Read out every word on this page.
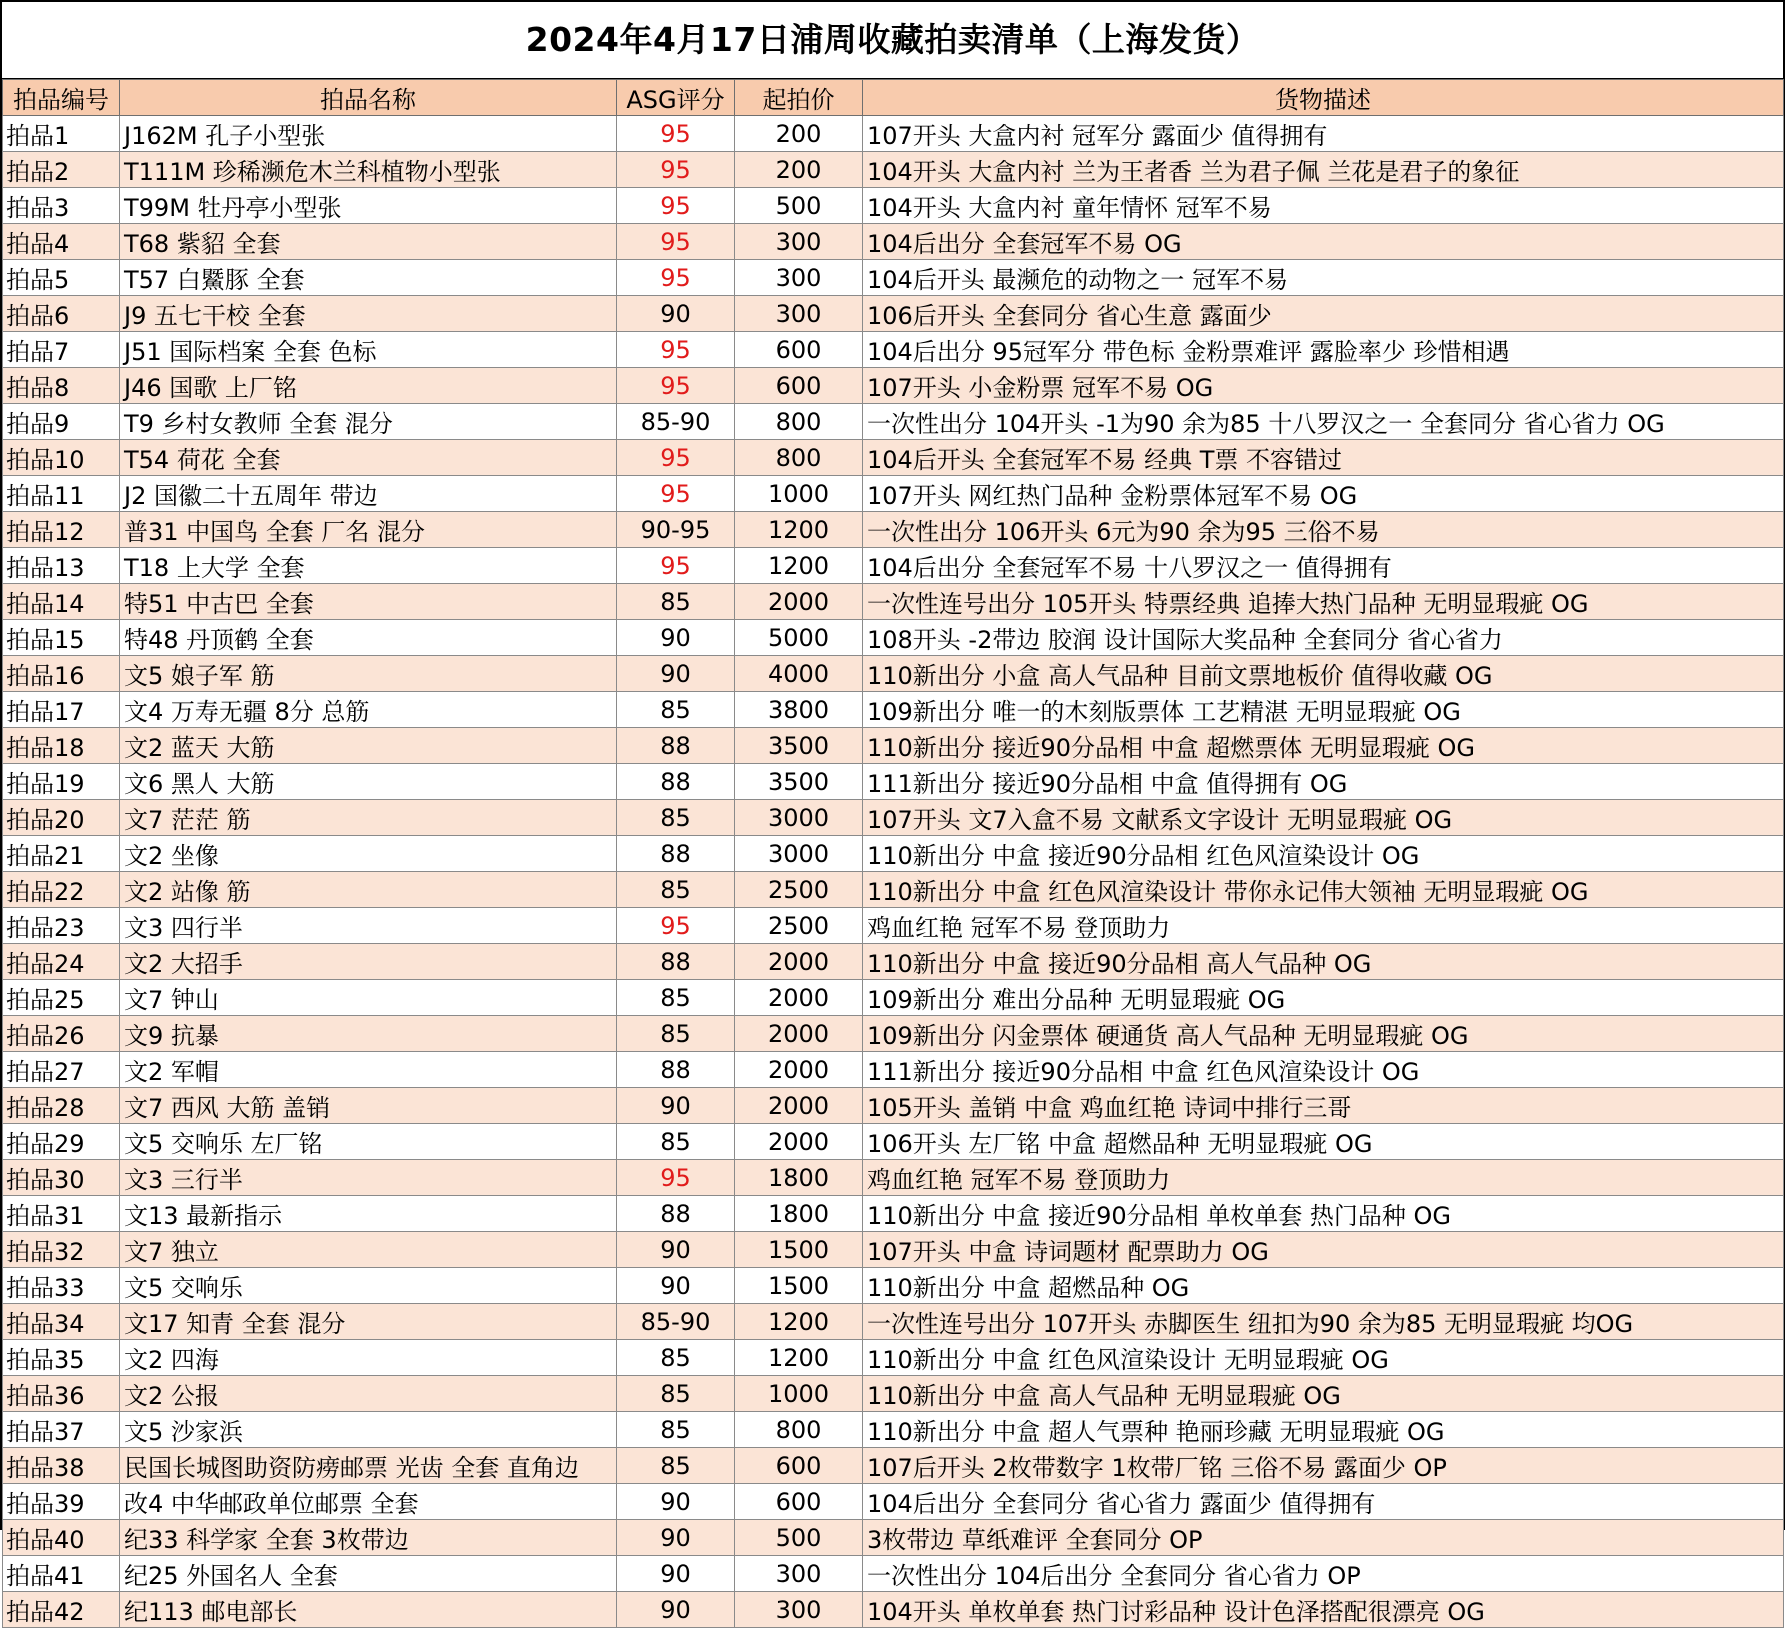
2024年4月17日浦周收藏拍卖清单（上海发货）
拍品编号	拍品名称	ASG评分	起拍价	货物描述
拍品1	J162M 孔子小型张	95	200	107开头 大盒内衬 冠军分 露面少 值得拥有
拍品2	T111M 珍稀濒危木兰科植物小型张	95	200	104开头 大盒内衬 兰为王者香 兰为君子佩 兰花是君子的象征
拍品3	T99M 牡丹亭小型张	95	500	104开头 大盒内衬 童年情怀 冠军不易
拍品4	T68 紫貂 全套	95	300	104后出分 全套冠军不易 OG
拍品5	T57 白鱀豚 全套	95	300	104后开头 最濒危的动物之一 冠军不易
拍品6	J9 五七干校 全套	90	300	106后开头 全套同分 省心生意 露面少
拍品7	J51 国际档案 全套 色标	95	600	104后出分 95冠军分 带色标 金粉票难评 露脸率少 珍惜相遇
拍品8	J46 国歌 上厂铭	95	600	107开头 小金粉票 冠军不易 OG
拍品9	T9 乡村女教师 全套 混分	85-90	800	一次性出分 104开头 -1为90 余为85 十八罗汉之一 全套同分 省心省力 OG
拍品10	T54 荷花 全套	95	800	104后开头 全套冠军不易 经典 T票 不容错过
拍品11	J2 国徽二十五周年 带边	95	1000	107开头 网红热门品种 金粉票体冠军不易 OG
拍品12	普31 中国鸟 全套 厂名 混分	90-95	1200	一次性出分 106开头 6元为90 余为95 三俗不易
拍品13	T18 上大学 全套	95	1200	104后出分 全套冠军不易 十八罗汉之一 值得拥有
拍品14	特51 中古巴 全套	85	2000	一次性连号出分 105开头 特票经典 追捧大热门品种 无明显瑕疵 OG
拍品15	特48 丹顶鹤 全套	90	5000	108开头 -2带边 胶润 设计国际大奖品种 全套同分 省心省力
拍品16	文5 娘子军 筋	90	4000	110新出分 小盒 高人气品种 目前文票地板价 值得收藏 OG
拍品17	文4 万寿无疆 8分 总筋	85	3800	109新出分 唯一的木刻版票体 工艺精湛 无明显瑕疵 OG
拍品18	文2 蓝天 大筋	88	3500	110新出分 接近90分品相 中盒 超燃票体 无明显瑕疵 OG
拍品19	文6 黑人 大筋	88	3500	111新出分 接近90分品相 中盒 值得拥有 OG
拍品20	文7 茫茫 筋	85	3000	107开头 文7入盒不易 文献系文字设计 无明显瑕疵 OG
拍品21	文2 坐像	88	3000	110新出分 中盒 接近90分品相 红色风渲染设计 OG
拍品22	文2 站像 筋	85	2500	110新出分 中盒 红色风渲染设计 带你永记伟大领袖 无明显瑕疵 OG
拍品23	文3 四行半	95	2500	鸡血红艳 冠军不易 登顶助力
拍品24	文2 大招手	88	2000	110新出分 中盒 接近90分品相 高人气品种 OG
拍品25	文7 钟山	85	2000	109新出分 难出分品种 无明显瑕疵 OG
拍品26	文9 抗暴	85	2000	109新出分 闪金票体 硬通货 高人气品种 无明显瑕疵 OG
拍品27	文2 军帽	88	2000	111新出分 接近90分品相 中盒 红色风渲染设计 OG
拍品28	文7 西风 大筋 盖销	90	2000	105开头 盖销 中盒 鸡血红艳 诗词中排行三哥
拍品29	文5 交响乐 左厂铭	85	2000	106开头 左厂铭 中盒 超燃品种 无明显瑕疵 OG
拍品30	文3 三行半	95	1800	鸡血红艳 冠军不易 登顶助力
拍品31	文13 最新指示	88	1800	110新出分 中盒 接近90分品相 单枚单套 热门品种 OG
拍品32	文7 独立	90	1500	107开头 中盒 诗词题材 配票助力 OG
拍品33	文5 交响乐	90	1500	110新出分 中盒 超燃品种 OG
拍品34	文17 知青 全套 混分	85-90	1200	一次性连号出分 107开头 赤脚医生 纽扣为90 余为85 无明显瑕疵 均OG
拍品35	文2 四海	85	1200	110新出分 中盒 红色风渲染设计 无明显瑕疵 OG
拍品36	文2 公报	85	1000	110新出分 中盒 高人气品种 无明显瑕疵 OG
拍品37	文5 沙家浜	85	800	110新出分 中盒 超人气票种 艳丽珍藏 无明显瑕疵 OG
拍品38	民国长城图助资防痨邮票 光齿 全套 直角边	85	600	107后开头 2枚带数字 1枚带厂铭 三俗不易 露面少 OP
拍品39	改4 中华邮政单位邮票 全套	90	600	104后出分 全套同分 省心省力 露面少 值得拥有
拍品40	纪33 科学家 全套 3枚带边	90	500	3枚带边 草纸难评 全套同分 OP
拍品41	纪25 外国名人 全套	90	300	一次性出分 104后出分 全套同分 省心省力 OP
拍品42	纪113 邮电部长	90	300	104开头 单枚单套 热门讨彩品种 设计色泽搭配很漂亮 OG
